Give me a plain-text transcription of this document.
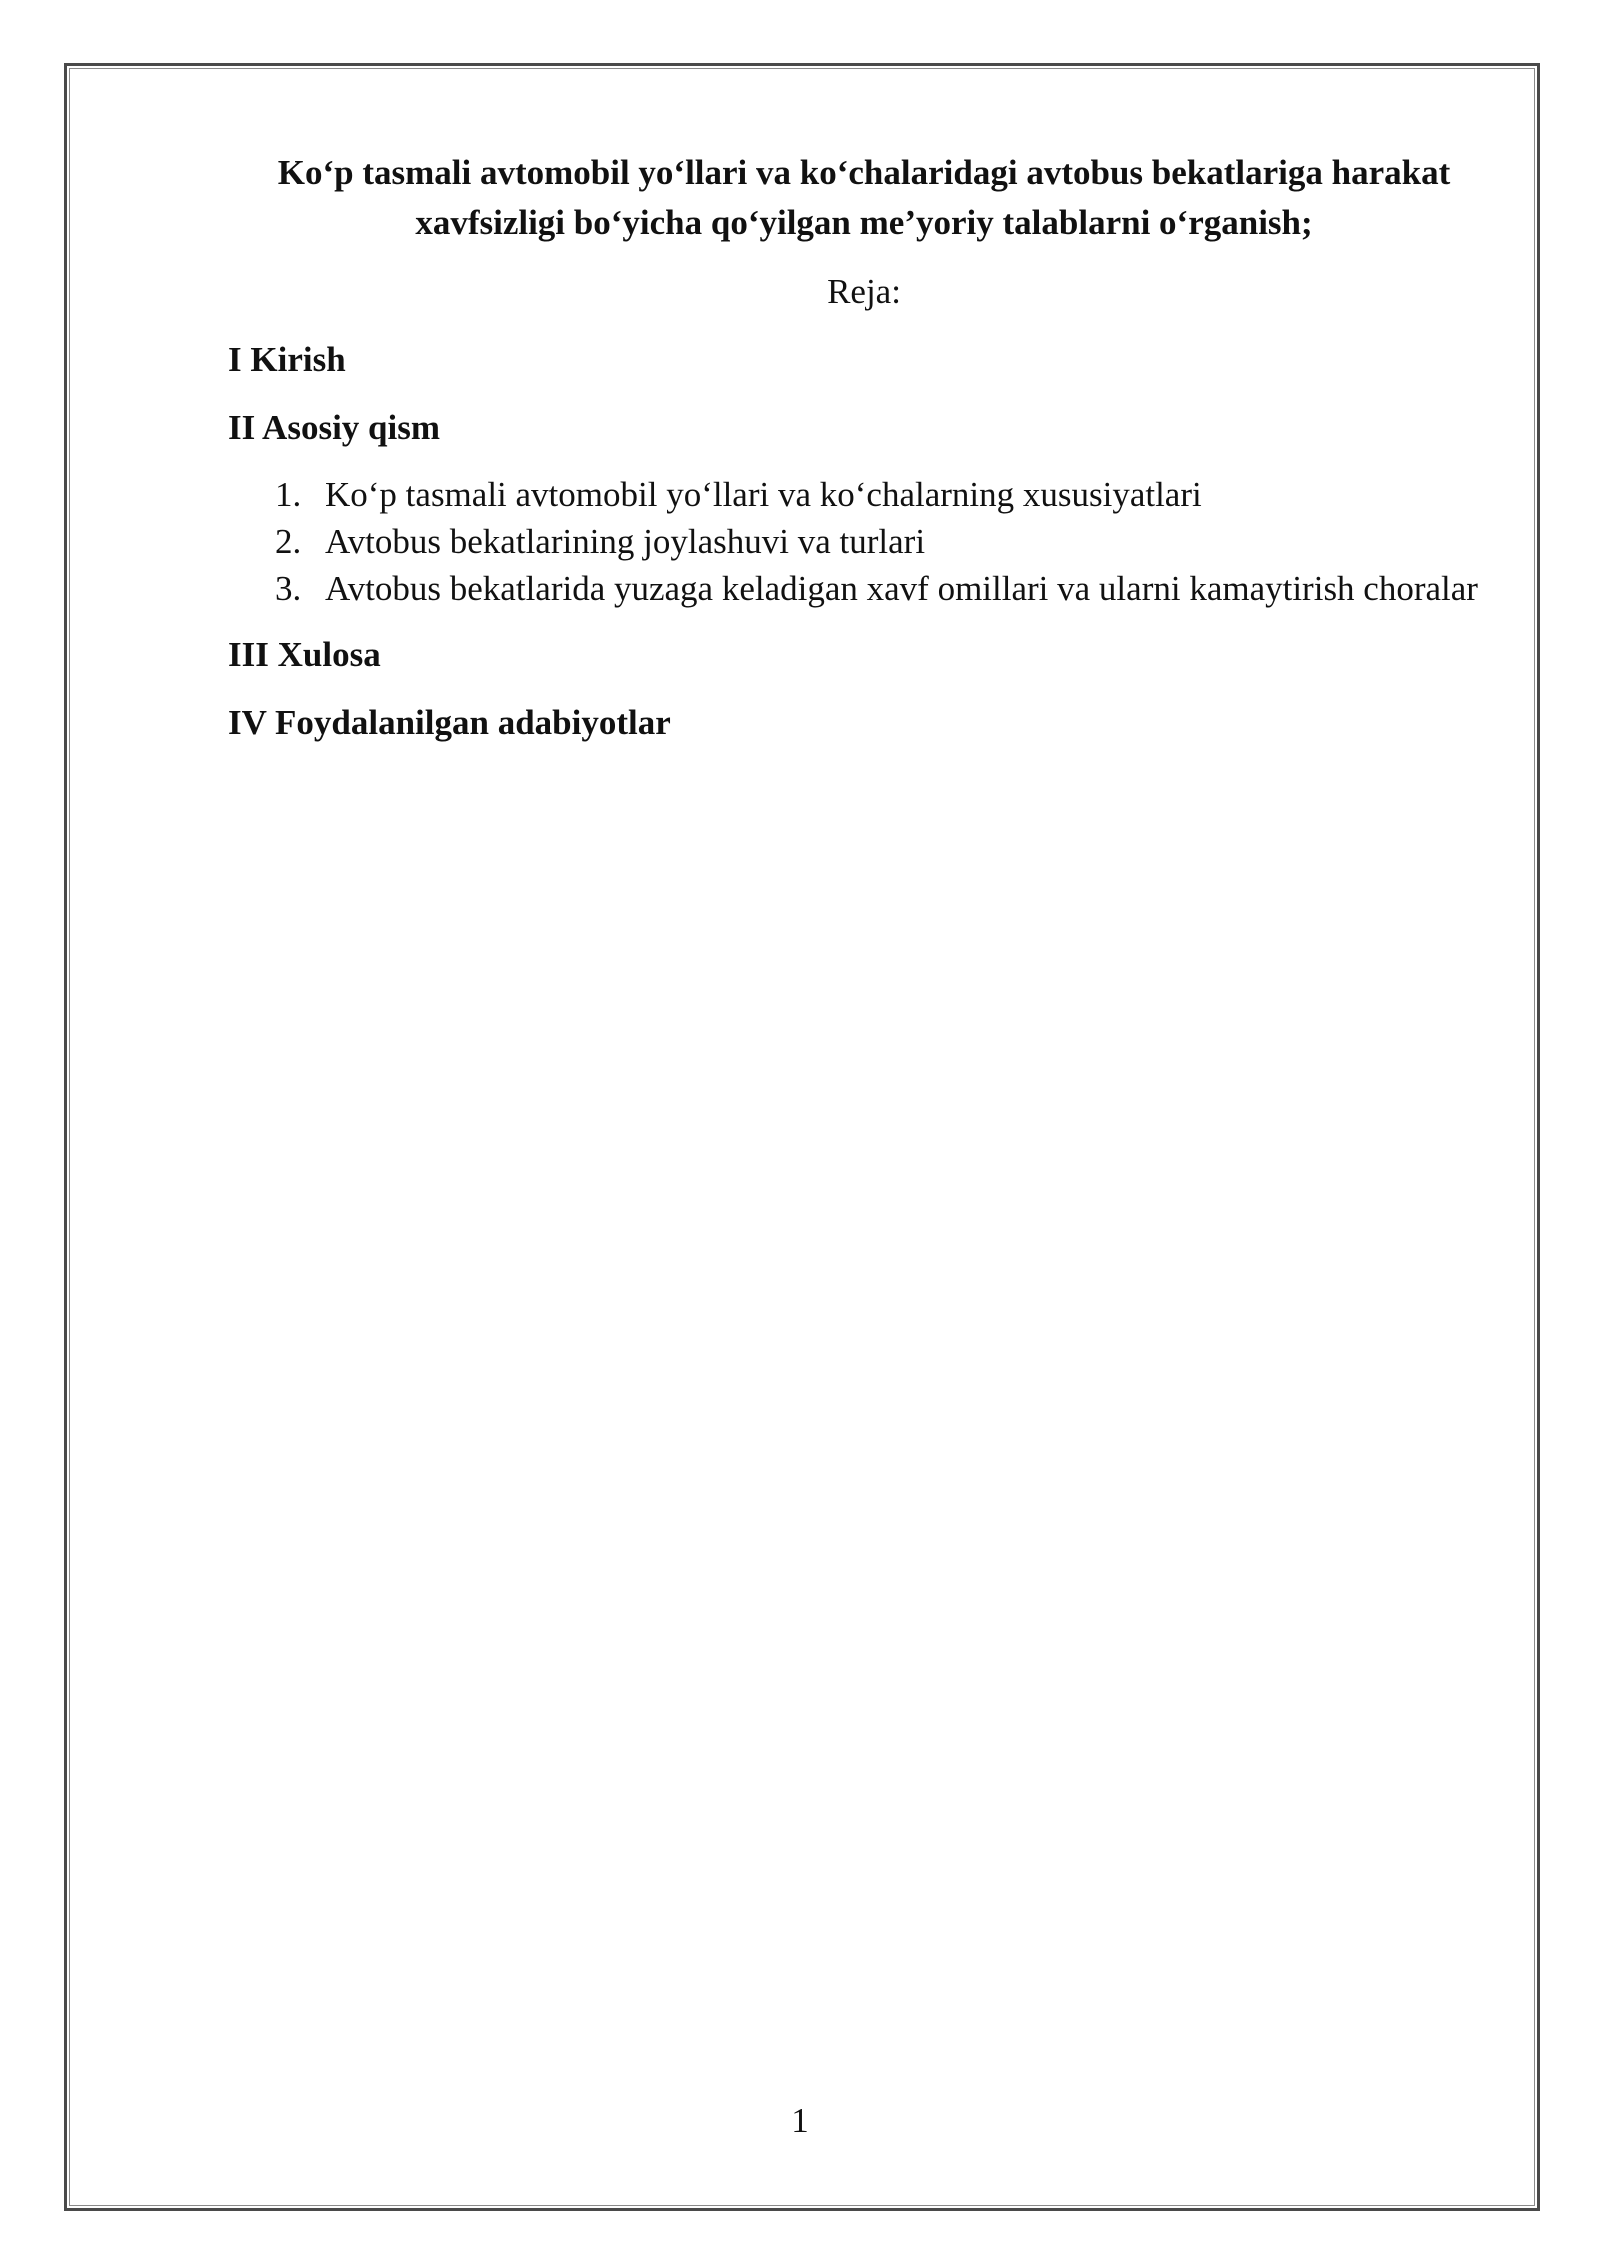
Ko‘p tasmali avtomobil yo‘llari va ko‘chalaridagi avtobus bekatlariga harakat xavfsizligi bo‘yicha qo‘yilgan me’yoriy talablarni o‘rganish;

Reja:

I Kirish

II Asosiy qism

1. Ko‘p tasmali avtomobil yo‘llari va ko‘chalarning xususiyatlari
2. Avtobus bekatlarining joylashuvi va turlari
3. Avtobus bekatlarida yuzaga keladigan xavf omillari va ularni kamaytirish choralar

III Xulosa

IV Foydalanilgan adabiyotlar

1
